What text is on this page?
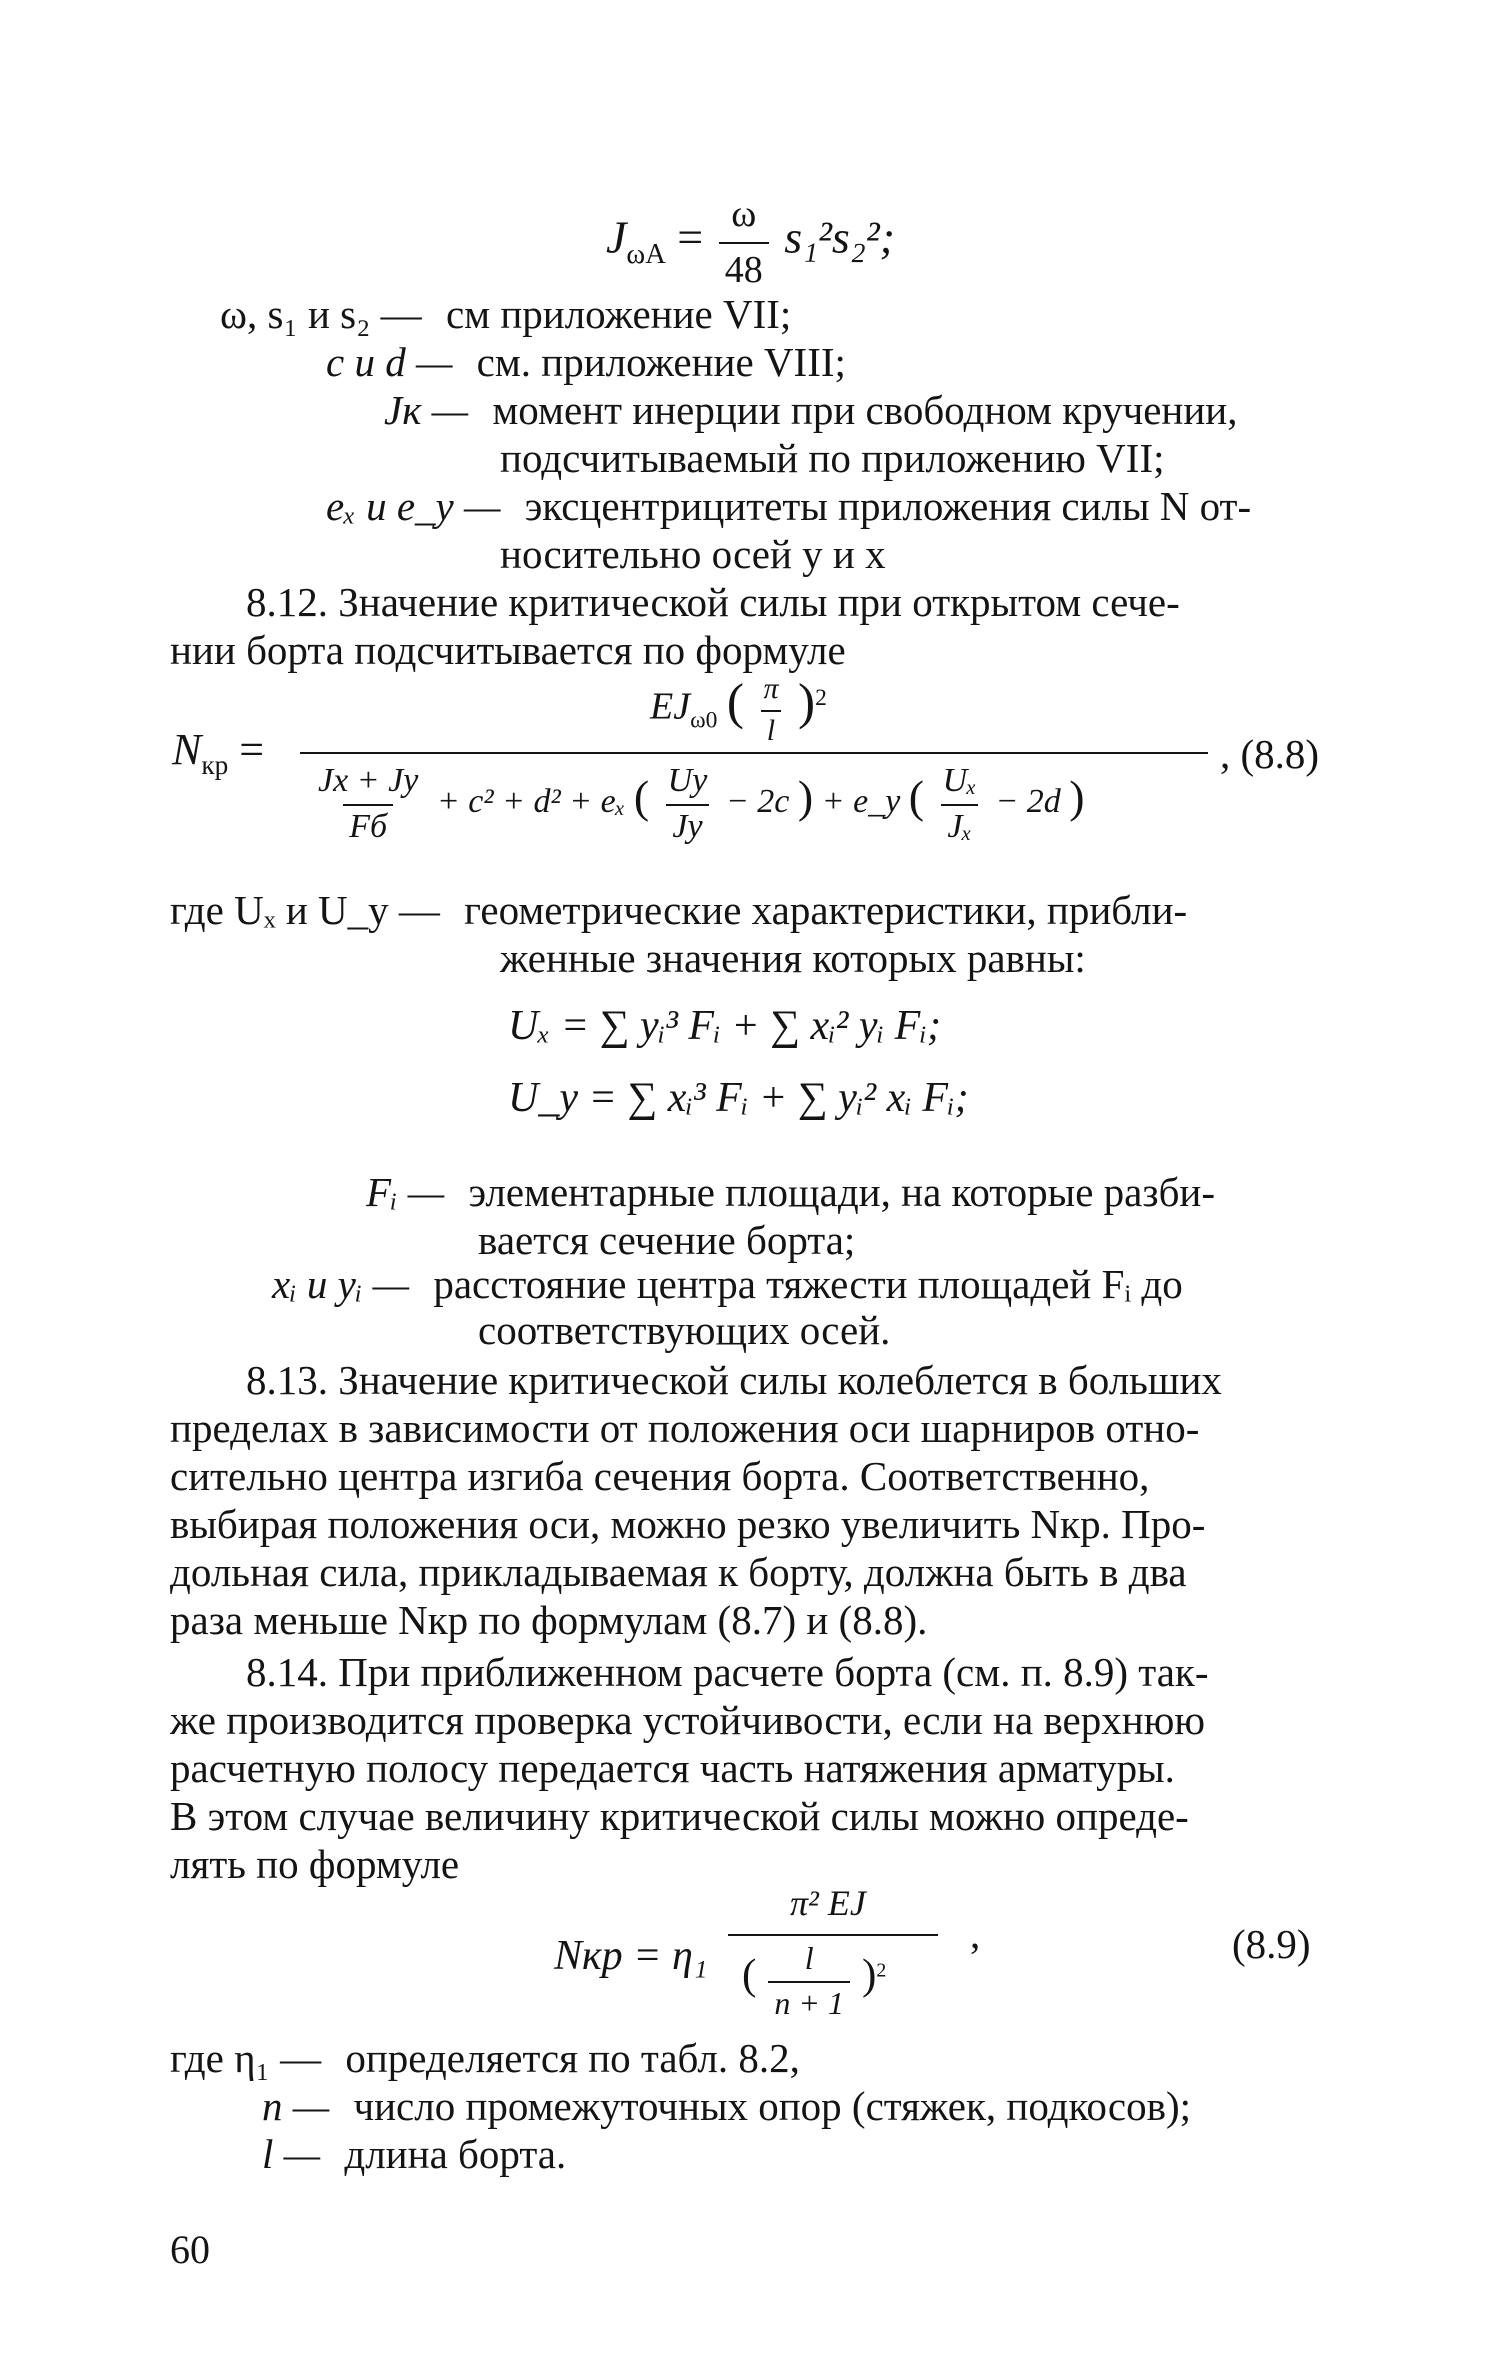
$J_{\omega A} = \frac{\omega}{48} s_1^2s_2^2$;
ω, s₁ и s₂ — см приложение VII;
c и d — см. приложение VIII;
Jк — момент инерции при свободном кручении,
подсчитываемый по приложению VII;
eₓ и e_y — эксцентрицитеты приложения силы N от-
носительно осей y и x
8.12. Значение критической силы при открытом сече-
нии борта подсчитывается по формуле
$N_{кр}$ =
$EJ_{\omega 0}$ ( $\frac{\pi}{l} )^2$
$\frac{Jx + Jy}{Fб} + c^2 + d^2 + e_x$ ( $\frac{Uy}{Jy} - 2c$ ) + e_y ( $\frac{\text{Uₓ}}{\text{Jₓ}} - 2d$ )
, (8.8)
где Uₓ и U_y — геометрические характеристики, прибли-
женные значения которых равны:
Uₓ = ∑ yᵢ³ Fᵢ + ∑ xᵢ² yᵢ Fᵢ;
U_y = ∑ xᵢ³ Fᵢ + ∑ yᵢ² xᵢ Fᵢ;
Fᵢ — элементарные площади, на которые разби-
вается сечение борта;
xᵢ и yᵢ — расстояние центра тяжести площадей Fᵢ до
соответствующих осей.
8.13. Значение критической силы колеблется в больших
пределах в зависимости от положения оси шарниров отно-
сительно центра изгиба сечения борта. Соответственно,
выбирая положения оси, можно резко увеличить Nкр. Про-
дольная сила, прикладываемая к борту, должна быть в два
раза меньше Nкр по формулам (8.7) и (8.8).
8.14. При приближенном расчете борта (см. п. 8.9) так-
же производится проверка устойчивости, если на верхнюю
расчетную полосу передается часть натяжения арматуры.
В этом случае величину критической силы можно опреде-
лять по формуле
Nкр = η₁
π² EJ
( $\frac{l}{n + 1} )^2$
,	(8.9)
где η₁ — определяется по табл. 8.2,
n — число промежуточных опор (стяжек, подкосов);
l — длина борта.
60
